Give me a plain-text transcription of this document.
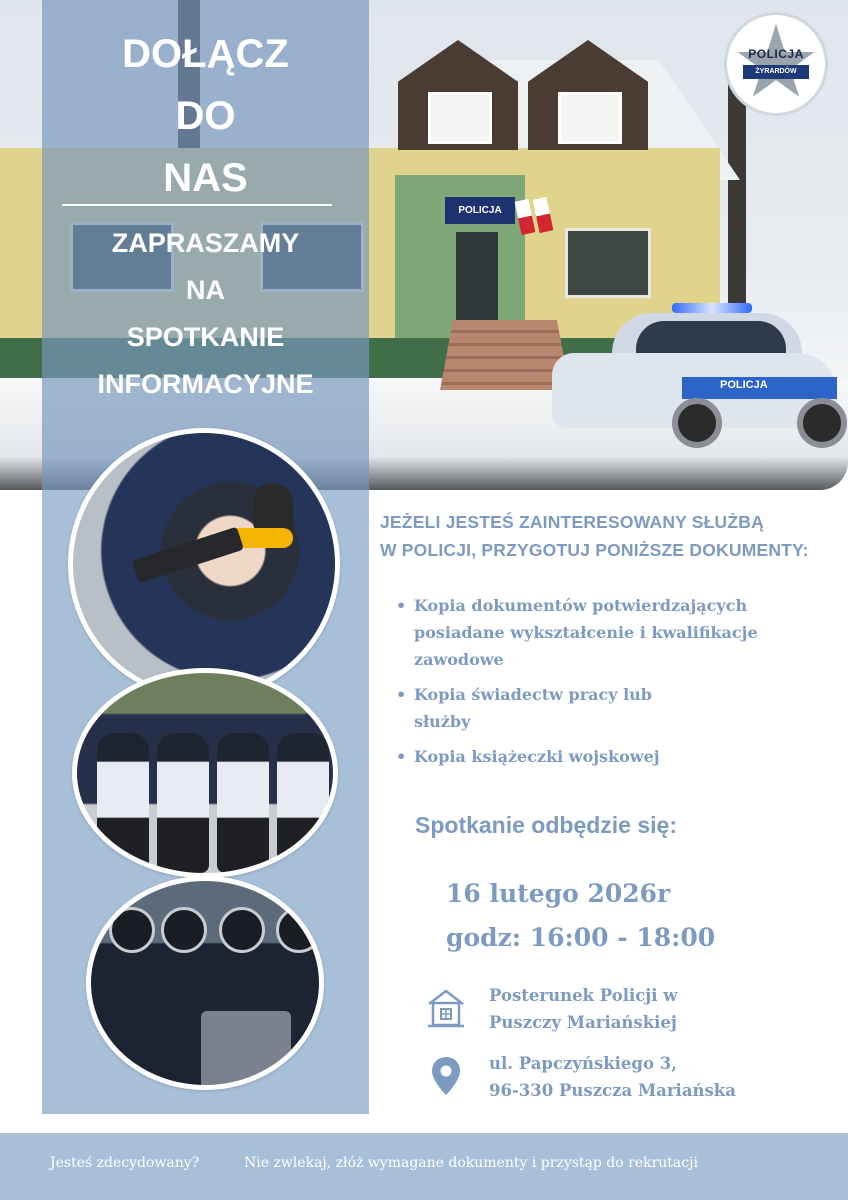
POLICJA
POLICJA
POLICJA
ŻYRARDÓW
DOŁĄCZ
DO
NAS
ZAPRASZAMY
NA
SPOTKANIE
INFORMACYJNE
JEŻELI JESTEŚ ZAINTERESOWANY SŁUŻBĄ
W POLICJI, PRZYGOTUJ PONIŻSZE DOKUMENTY:
• Kopia dokumentów potwierdzających posiadane wykształcenie i kwalifikacje zawodowe
• Kopia świadectw pracy lub służby
• Kopia książeczki wojskowej
Spotkanie odbędzie się:
16 lutego 2026r
godz: 16:00 - 18:00
Posterunek Policji w
Puszczy Mariańskiej
ul. Papczyńskiego 3,
96-330 Puszcza Mariańska
Jesteś zdecydowany?	Nie zwlekaj, złóż wymagane dokumenty i przystąp do rekrutacji
